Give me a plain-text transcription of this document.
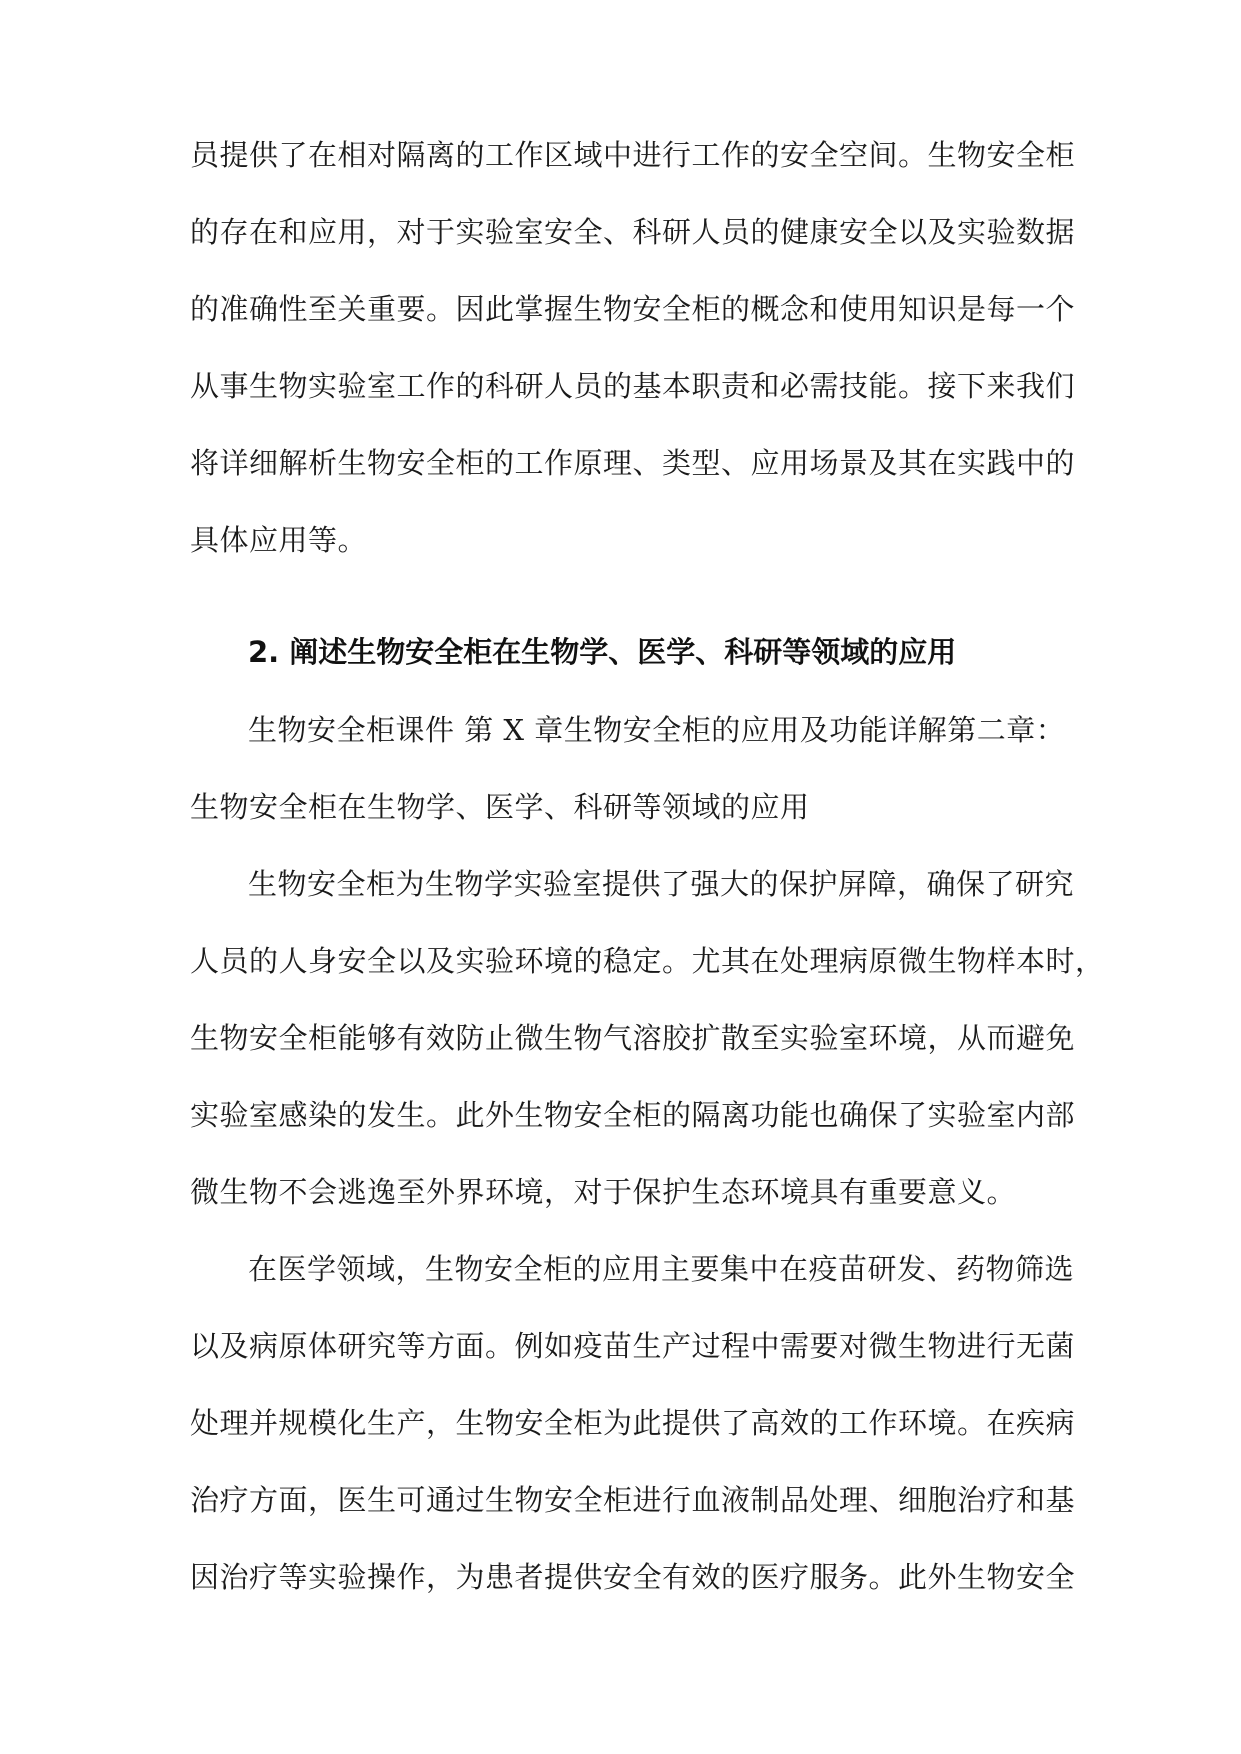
员提供了在相对隔离的工作区域中进行工作的安全空间。生物安全柜
的存在和应用，对于实验室安全、科研人员的健康安全以及实验数据
的准确性至关重要。因此掌握生物安全柜的概念和使用知识是每一个
从事生物实验室工作的科研人员的基本职责和必需技能。接下来我们
将详细解析生物安全柜的工作原理、类型、应用场景及其在实践中的
具体应用等。
2. 阐述生物安全柜在生物学、医学、科研等领域的应用
生物安全柜课件 第 X 章生物安全柜的应用及功能详解第二章：
生物安全柜在生物学、医学、科研等领域的应用
生物安全柜为生物学实验室提供了强大的保护屏障，确保了研究
人员的人身安全以及实验环境的稳定。尤其在处理病原微生物样本时，
生物安全柜能够有效防止微生物气溶胶扩散至实验室环境，从而避免
实验室感染的发生。此外生物安全柜的隔离功能也确保了实验室内部
微生物不会逃逸至外界环境，对于保护生态环境具有重要意义。
在医学领域，生物安全柜的应用主要集中在疫苗研发、药物筛选
以及病原体研究等方面。例如疫苗生产过程中需要对微生物进行无菌
处理并规模化生产，生物安全柜为此提供了高效的工作环境。在疾病
治疗方面，医生可通过生物安全柜进行血液制品处理、细胞治疗和基
因治疗等实验操作，为患者提供安全有效的医疗服务。此外生物安全
